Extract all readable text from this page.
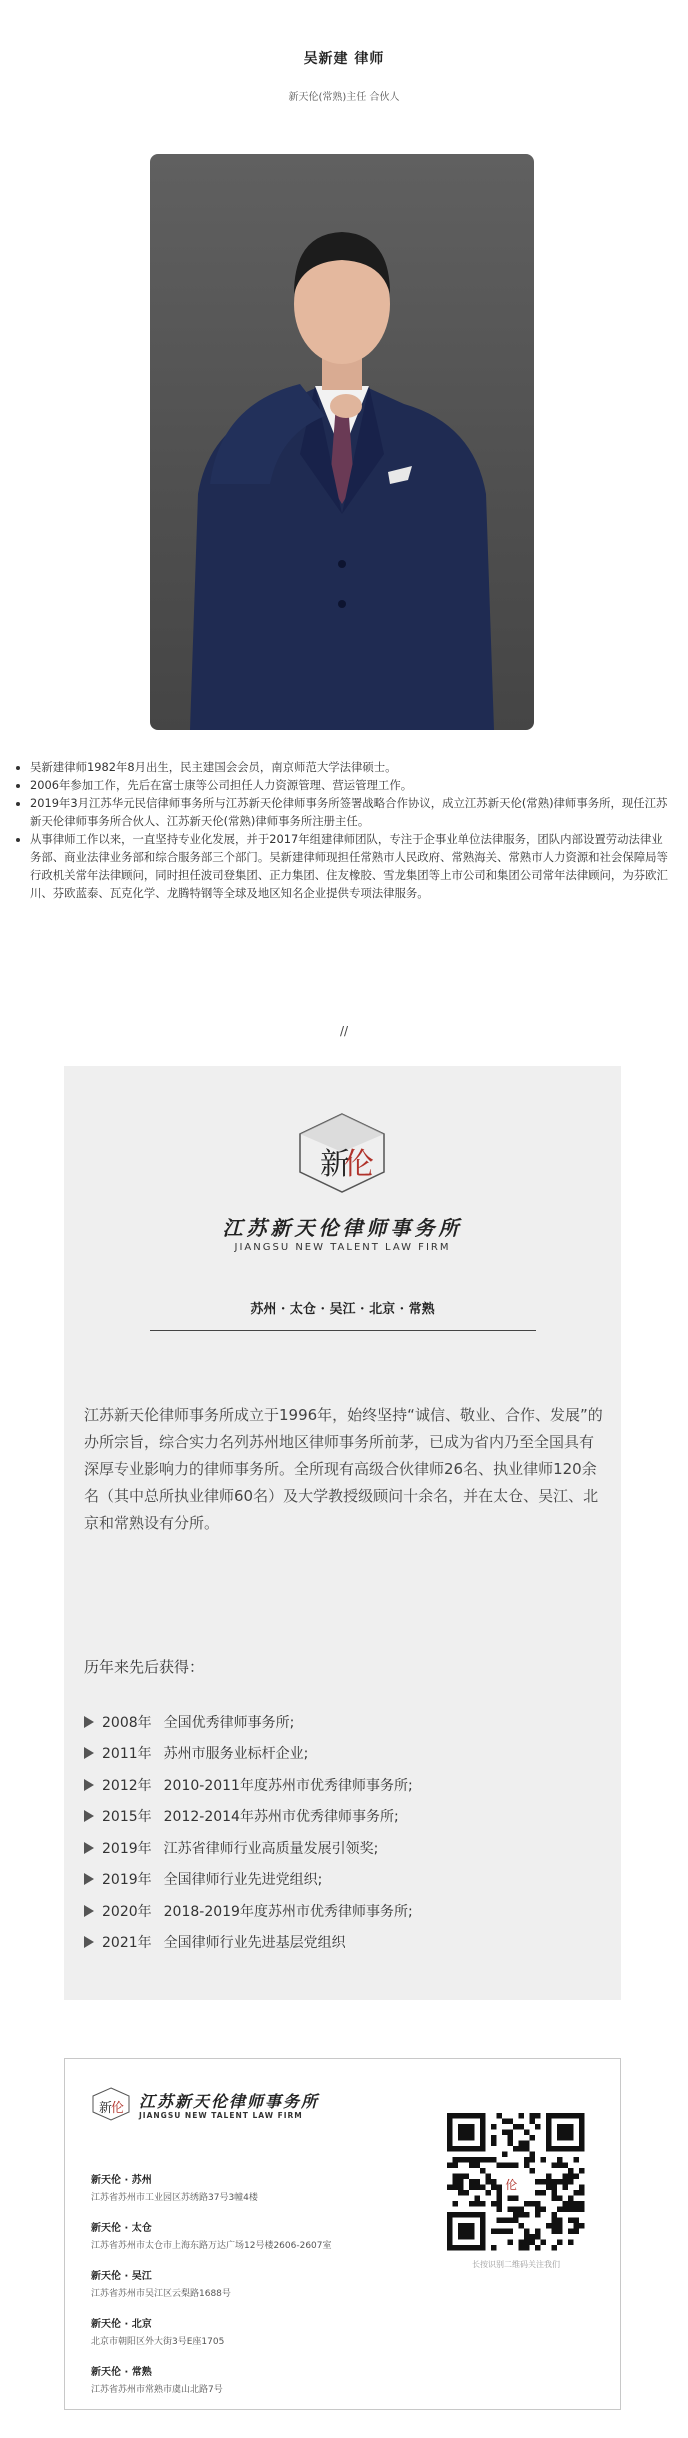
吴新建 律师
新天伦(常熟)主任 合伙人
• 吴新建律师1982年8月出生，民主建国会会员，南京师范大学法律硕士。
• 2006年参加工作，先后在富士康等公司担任人力资源管理、营运管理工作。
• 2019年3月江苏华元民信律师事务所与江苏新天伦律师事务所签署战略合作协议，成立江苏新天伦(常熟)律师事务所，现任江苏新天伦律师事务所合伙人、江苏新天伦(常熟)律师事务所注册主任。
• 从事律师工作以来，一直坚持专业化发展，并于2017年组建律师团队，专注于企事业单位法律服务，团队内部设置劳动法律业务部、商业法律业务部和综合服务部三个部门。吴新建律师现担任常熟市人民政府、常熟海关、常熟市人力资源和社会保障局等行政机关常年法律顾问，同时担任波司登集团、正力集团、住友橡胶、雪龙集团等上市公司和集团公司常年法律顾问，为芬欧汇川、芬欧蓝泰、瓦克化学、龙腾特钢等全球及地区知名企业提供专项法律服务。
//
新
伦
江苏新天伦律师事务所
JIANGSU NEW TALENT LAW FIRM
苏州 · 太仓 · 吴江 · 北京 · 常熟
江苏新天伦律师事务所成立于1996年，始终坚持“诚信、敬业、合作、发展”的办所宗旨，综合实力名列苏州地区律师事务所前茅，已成为省内乃至全国具有深厚专业影响力的律师事务所。全所现有高级合伙律师26名、执业律师120余名（其中总所执业律师60名）及大学教授级顾问十余名，并在太仓、吴江、北京和常熟设有分所。
历年来先后获得：
2008年 全国优秀律师事务所;
2011年 苏州市服务业标杆企业;
2012年 2010-2011年度苏州市优秀律师事务所;
2015年 2012-2014年苏州市优秀律师事务所;
2019年 江苏省律师行业高质量发展引领奖;
2019年 全国律师行业先进党组织;
2020年 2018-2019年度苏州市优秀律师事务所;
2021年 全国律师行业先进基层党组织
新
伦 江苏新天伦律师事务所
JIANGSU NEW TALENT LAW FIRM
新天伦 · 苏州
江苏省苏州市工业园区苏绣路37号3幢4楼
新天伦 · 太仓
江苏省苏州市太仓市上海东路万达广场12号楼2606-2607室
新天伦 · 吴江
江苏省苏州市吴江区云梨路1688号
新天伦 · 北京
北京市朝阳区外大街3号E座1705
新天伦 · 常熟
江苏省苏州市常熟市虞山北路7号
伦
长按识别二维码关注我们
